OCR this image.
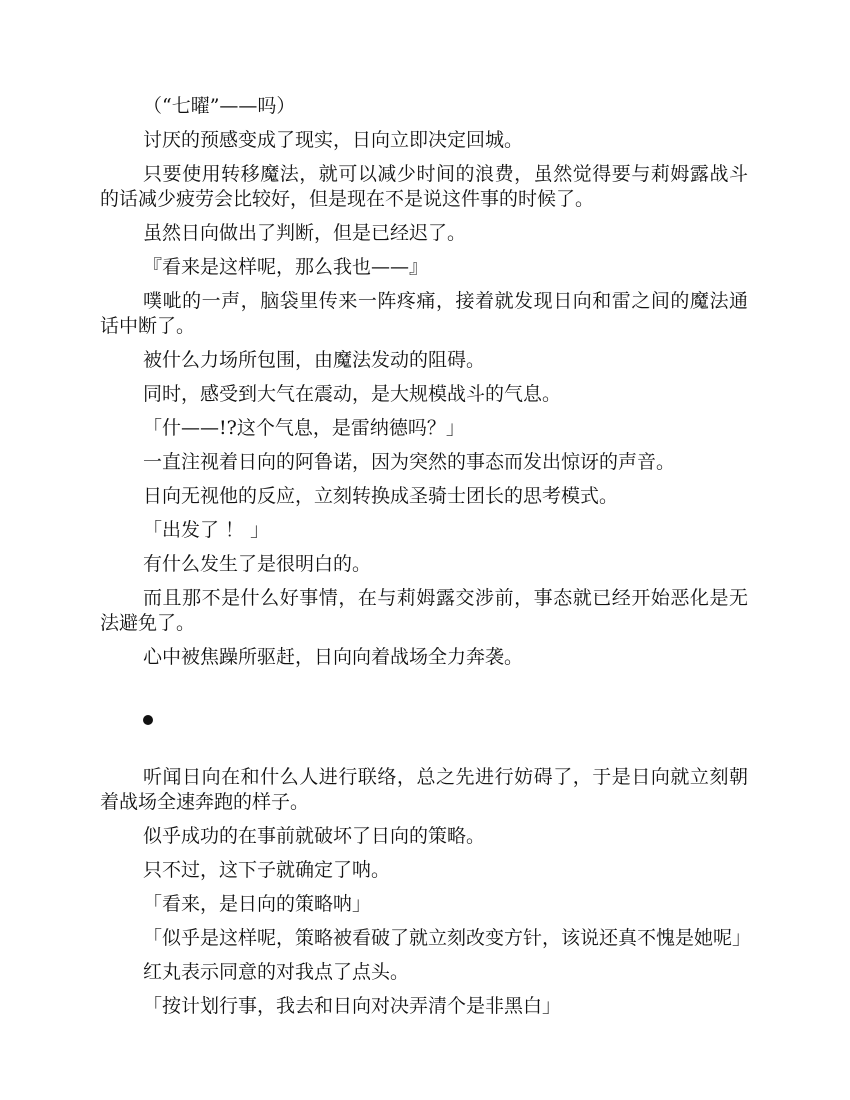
（“七曜”——吗）

讨厌的预感变成了现实，日向立即决定回城。

只要使用转移魔法，就可以减少时间的浪费，虽然觉得要与莉姆露战斗的话减少疲劳会比较好，但是现在不是说这件事的时候了。

虽然日向做出了判断，但是已经迟了。

『看来是这样呢，那么我也——』

噗呲的一声，脑袋里传来一阵疼痛，接着就发现日向和雷之间的魔法通话中断了。

被什么力场所包围，由魔法发动的阻碍。

同时，感受到大气在震动，是大规模战斗的气息。

「什——!?这个气息，是雷纳德吗？」

一直注视着日向的阿鲁诺，因为突然的事态而发出惊讶的声音。

日向无视他的反应，立刻转换成圣骑士团长的思考模式。

「出发了 ！ 」

有什么发生了是很明白的。

而且那不是什么好事情，在与莉姆露交涉前，事态就已经开始恶化是无法避免了。

心中被焦躁所驱赶，日向向着战场全力奔袭。

听闻日向在和什么人进行联络，总之先进行妨碍了，于是日向就立刻朝着战场全速奔跑的样子。

似乎成功的在事前就破坏了日向的策略。

只不过，这下子就确定了呐。

「看来，是日向的策略呐」

「似乎是这样呢，策略被看破了就立刻改变方针，该说还真不愧是她呢」

红丸表示同意的对我点了点头。

「按计划行事，我去和日向对决弄清个是非黑白」
